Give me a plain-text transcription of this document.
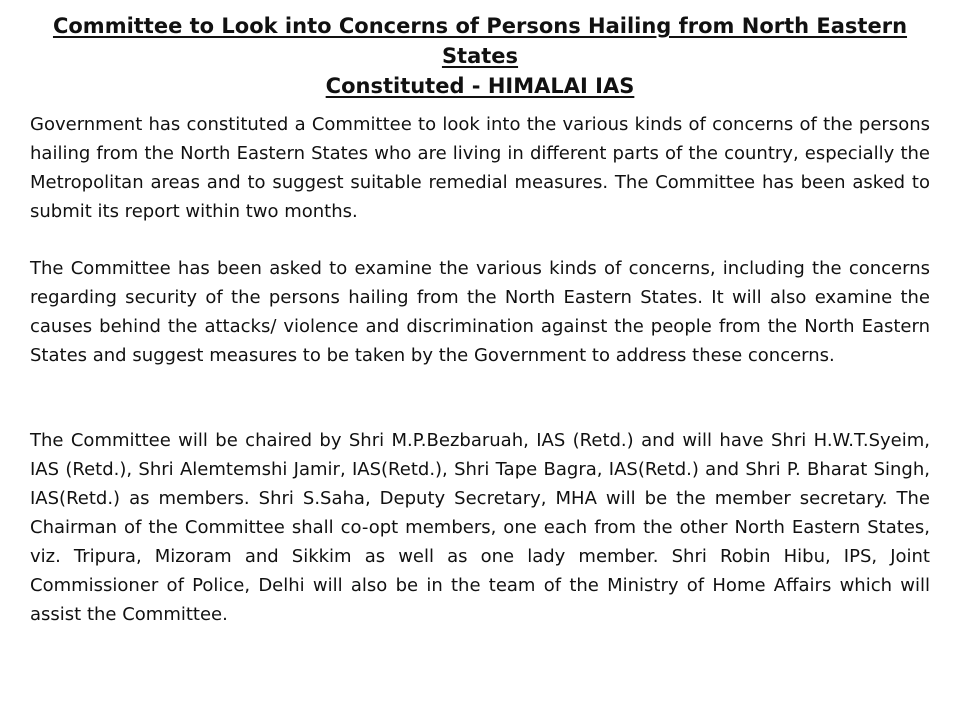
Committee to Look into Concerns of Persons Hailing from North Eastern States
Constituted - HIMALAI IAS

Government has constituted a Committee to look into the various kinds of concerns of the persons hailing from the North Eastern States who are living in different parts of the country, especially the Metropolitan areas and to suggest suitable remedial measures. The Committee has been asked to submit its report within two months.

The Committee has been asked to examine the various kinds of concerns, including the concerns regarding security of the persons hailing from the North Eastern States. It will also examine the causes behind the attacks/ violence and discrimination against the people from the North Eastern States and suggest measures to be taken by the Government to address these concerns.

The Committee will be chaired by Shri M.P.Bezbaruah, IAS (Retd.) and will have Shri H.W.T.Syeim, IAS (Retd.), Shri Alemtemshi Jamir, IAS(Retd.), Shri Tape Bagra, IAS(Retd.) and Shri P. Bharat Singh, IAS(Retd.) as members. Shri S.Saha, Deputy Secretary, MHA will be the member secretary. The Chairman of the Committee shall co-opt members, one each from the other North Eastern States, viz. Tripura, Mizoram and Sikkim as well as one lady member. Shri Robin Hibu, IPS, Joint Commissioner of Police, Delhi will also be in the team of the Ministry of Home Affairs which will assist the Committee.
